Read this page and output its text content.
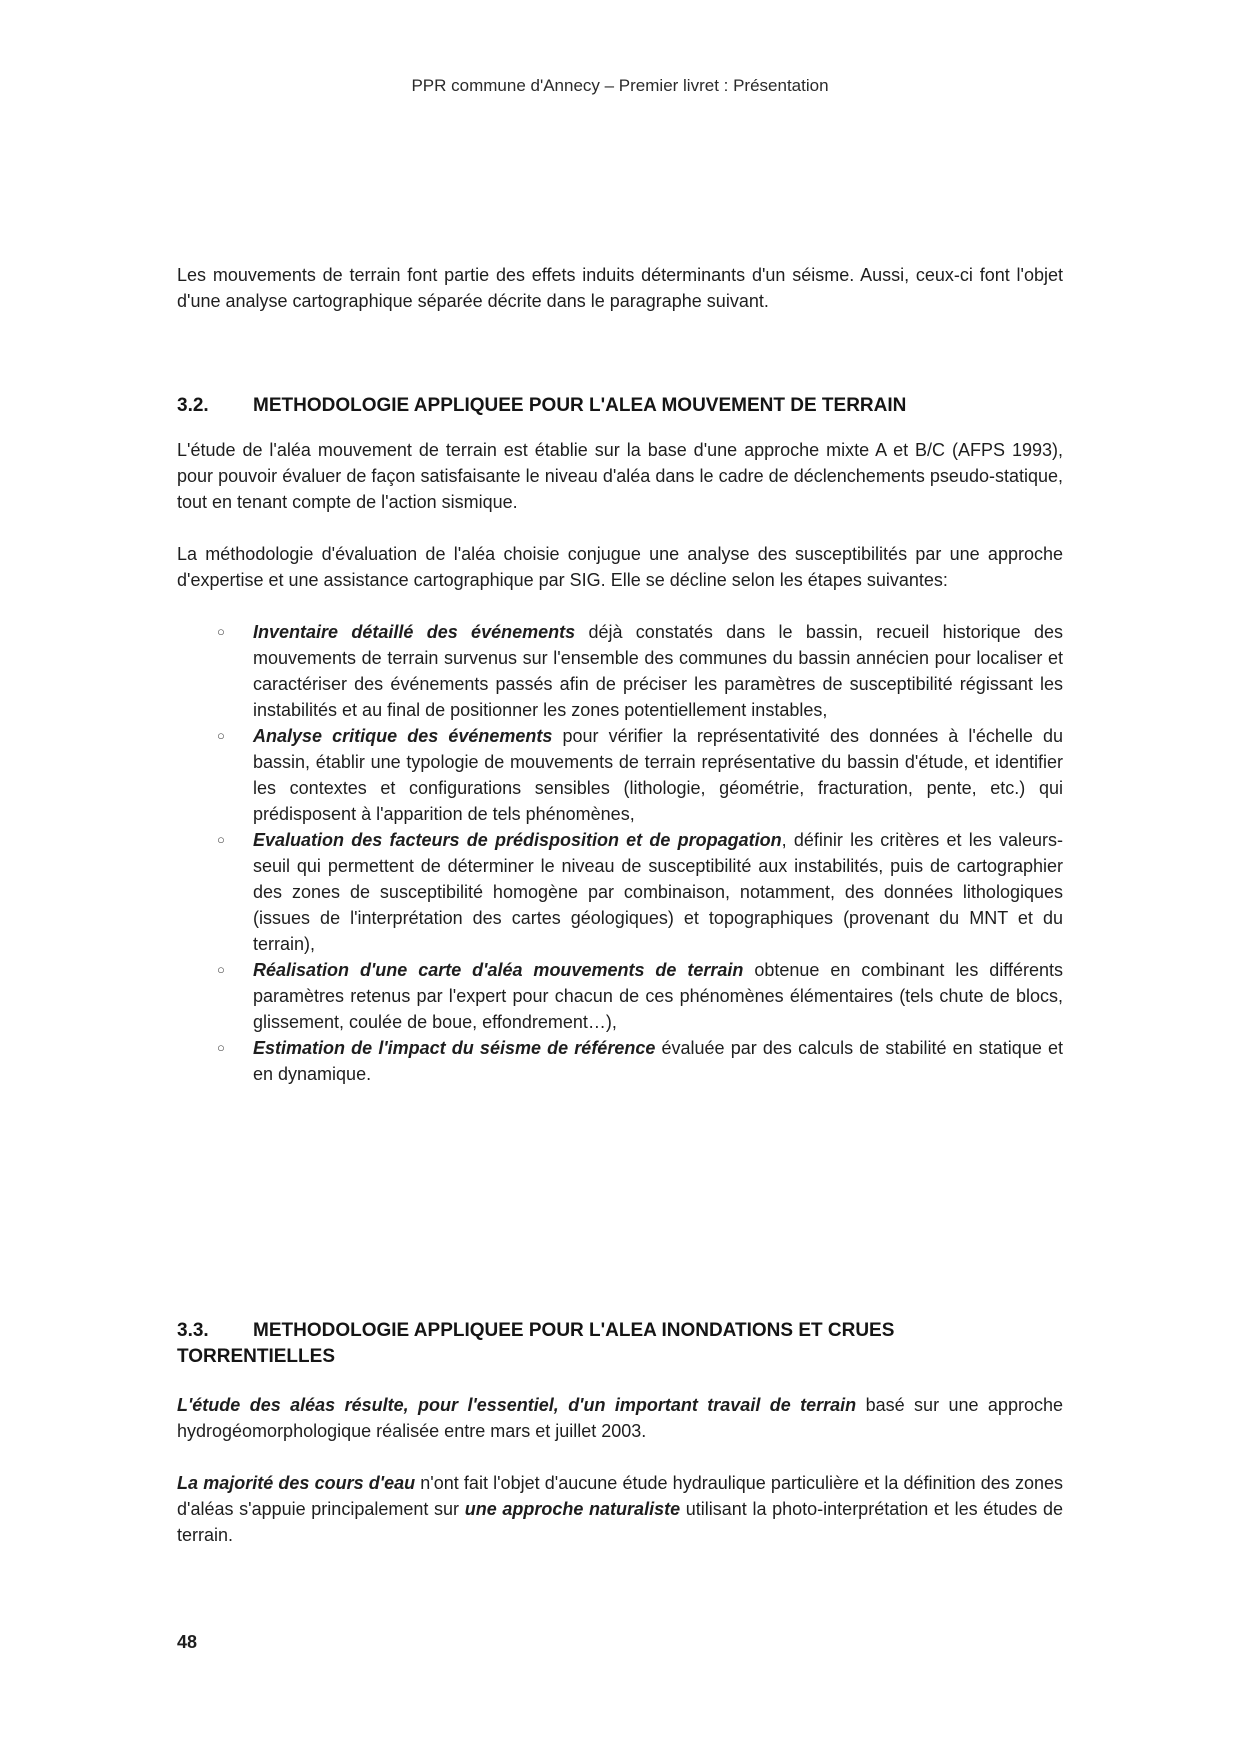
PPR commune d'Annecy – Premier livret : Présentation

Les mouvements de terrain font partie des effets induits déterminants d'un séisme. Aussi, ceux-ci font l'objet d'une analyse cartographique séparée décrite dans le paragraphe suivant.

3.2. METHODOLOGIE APPLIQUEE POUR L'ALEA MOUVEMENT DE TERRAIN

L'étude de l'aléa mouvement de terrain est établie sur la base d'une approche mixte A et B/C (AFPS 1993), pour pouvoir évaluer de façon satisfaisante le niveau d'aléa dans le cadre de déclenchements pseudo-statique, tout en tenant compte de l'action sismique.

La méthodologie d'évaluation de l'aléa choisie conjugue une analyse des susceptibilités par une approche d'expertise et une assistance cartographique par SIG. Elle se décline selon les étapes suivantes:

○ Inventaire détaillé des événements déjà constatés dans le bassin, recueil historique des mouvements de terrain survenus sur l'ensemble des communes du bassin annécien pour localiser et caractériser des événements passés afin de préciser les paramètres de susceptibilité régissant les instabilités et au final de positionner les zones potentiellement instables,
○ Analyse critique des événements pour vérifier la représentativité des données à l'échelle du bassin, établir une typologie de mouvements de terrain représentative du bassin d'étude, et identifier les contextes et configurations sensibles (lithologie, géométrie, fracturation, pente, etc.) qui prédisposent à l'apparition de tels phénomènes,
○ Evaluation des facteurs de prédisposition et de propagation, définir les critères et les valeurs-seuil qui permettent de déterminer le niveau de susceptibilité aux instabilités, puis de cartographier des zones de susceptibilité homogène par combinaison, notamment, des données lithologiques (issues de l'interprétation des cartes géologiques) et topographiques (provenant du MNT et du terrain),
○ Réalisation d'une carte d'aléa mouvements de terrain obtenue en combinant les différents paramètres retenus par l'expert pour chacun de ces phénomènes élémentaires (tels chute de blocs, glissement, coulée de boue, effondrement…),
○ Estimation de l'impact du séisme de référence évaluée par des calculs de stabilité en statique et en dynamique.
3.3. METHODOLOGIE APPLIQUEE POUR L'ALEA INONDATIONS ET CRUES
TORRENTIELLES

L'étude des aléas résulte, pour l'essentiel, d'un important travail de terrain basé sur une approche hydrogéomorphologique réalisée entre mars et juillet 2003.

La majorité des cours d'eau n'ont fait l'objet d'aucune étude hydraulique particulière et la définition des zones d'aléas s'appuie principalement sur une approche naturaliste utilisant la photo-interprétation et les études de terrain.

48
